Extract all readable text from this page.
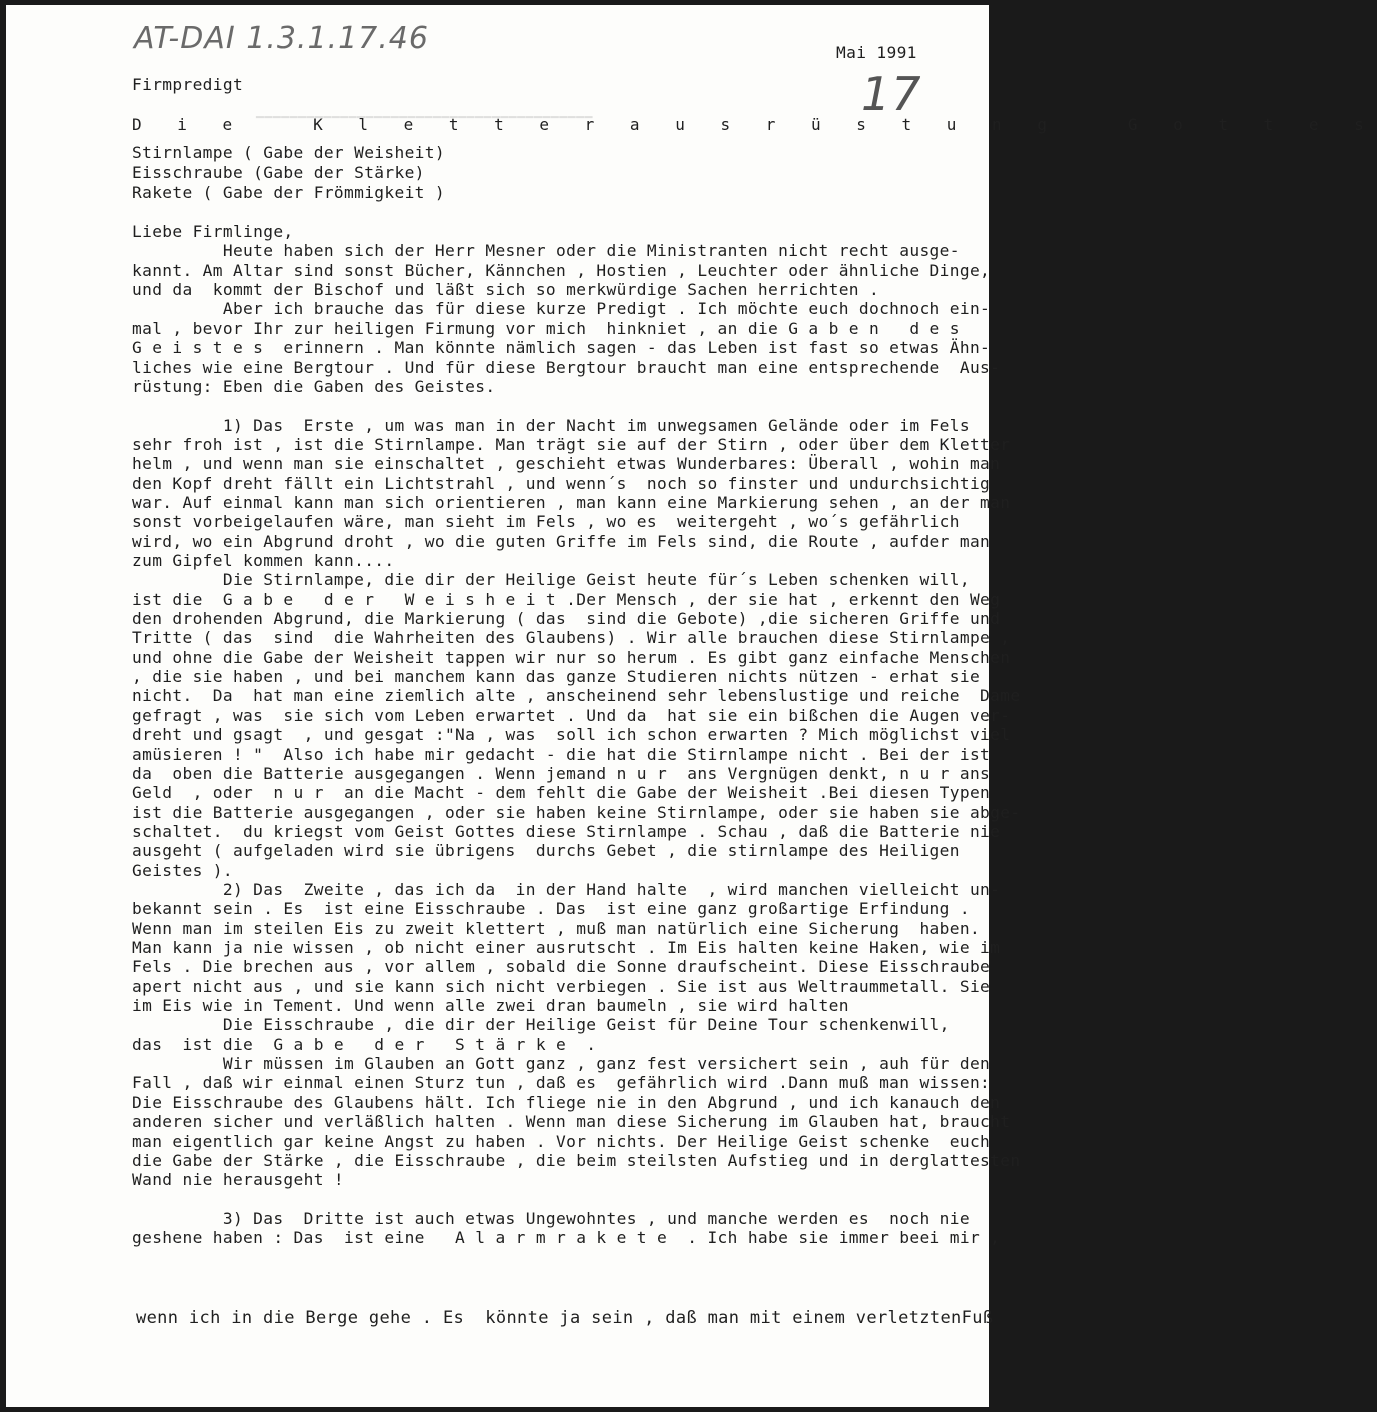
AT-DAI 1.3.1.17.46
17
Mai 1991
Firmpredigt
▁▁▁▁▁▁▁▁▁▁▁▁▁▁▁▁▁▁▁▁▁▁▁▁▁▁▁▁▁▁▁▁▁▁▁▁▁▁▁▁
D i e   K l e t t e r a u s r ü s t u n g   G o t t e s
Stirnlampe ( Gabe der Weisheit)
Eisschraube (Gabe der Stärke)
Rakete ( Gabe der Frömmigkeit )
Liebe Firmlinge,
Heute haben sich der Herr Mesner oder die Ministranten nicht recht ausge-
kannt. Am Altar sind sonst Bücher, Kännchen , Hostien , Leuchter oder ähnliche Dinge,
und da  kommt der Bischof und läßt sich so merkwürdige Sachen herrichten .
Aber ich brauche das für diese kurze Predigt . Ich möchte euch dochnoch ein-
mal , bevor Ihr zur heiligen Firmung vor mich  hinkniet , an die G a b e n   d e s
G e i s t e s  erinnern . Man könnte nämlich sagen - das Leben ist fast so etwas Ähn-
liches wie eine Bergtour . Und für diese Bergtour braucht man eine entsprechende  Aus-
rüstung: Eben die Gaben des Geistes.
1) Das  Erste , um was man in der Nacht im unwegsamen Gelände oder im Fels
sehr froh ist , ist die Stirnlampe. Man trägt sie auf der Stirn , oder über dem Kletter
helm , und wenn man sie einschaltet , geschieht etwas Wunderbares: Überall , wohin man
den Kopf dreht fällt ein Lichtstrahl , und wenn´s  noch so finster und undurchsichtig
war. Auf einmal kann man sich orientieren , man kann eine Markierung sehen , an der man
sonst vorbeigelaufen wäre, man sieht im Fels , wo es  weitergeht , wo´s gefährlich
wird, wo ein Abgrund droht , wo die guten Griffe im Fels sind, die Route , aufder man
zum Gipfel kommen kann....
Die Stirnlampe, die dir der Heilige Geist heute für´s Leben schenken will,
ist die  G a b e   d e r   W e i s h e i t .Der Mensch , der sie hat , erkennt den Weg
den drohenden Abgrund, die Markierung ( das  sind die Gebote) ,die sicheren Griffe und
Tritte ( das  sind  die Wahrheiten des Glaubens) . Wir alle brauchen diese Stirnlampe ,
und ohne die Gabe der Weisheit tappen wir nur so herum . Es gibt ganz einfache Menschen
, die sie haben , und bei manchem kann das ganze Studieren nichts nützen - erhat sie
nicht.  Da  hat man eine ziemlich alte , anscheinend sehr lebenslustige und reiche  Dame
gefragt , was  sie sich vom Leben erwartet . Und da  hat sie ein bißchen die Augen ver-
dreht und gsagt  , und gesgat :"Na , was  soll ich schon erwarten ? Mich möglichst viel
amüsieren ! "  Also ich habe mir gedacht - die hat die Stirnlampe nicht . Bei der ist
da  oben die Batterie ausgegangen . Wenn jemand n u r  ans Vergnügen denkt, n u r ans
Geld  , oder  n u r  an die Macht - dem fehlt die Gabe der Weisheit .Bei diesen Typen
ist die Batterie ausgegangen , oder sie haben keine Stirnlampe, oder sie haben sie abge-
schaltet.  du kriegst vom Geist Gottes diese Stirnlampe . Schau , daß die Batterie nie
ausgeht ( aufgeladen wird sie übrigens  durchs Gebet , die stirnlampe des Heiligen
Geistes ).
2) Das  Zweite , das ich da  in der Hand halte  , wird manchen vielleicht un-
bekannt sein . Es  ist eine Eisschraube . Das  ist eine ganz großartige Erfindung .
Wenn man im steilen Eis zu zweit klettert , muß man natürlich eine Sicherung  haben.
Man kann ja nie wissen , ob nicht einer ausrutscht . Im Eis halten keine Haken, wie im
Fels . Die brechen aus , vor allem , sobald die Sonne draufscheint. Diese Eisschraube
apert nicht aus , und sie kann sich nicht verbiegen . Sie ist aus Weltraummetall. Sie
im Eis wie in Tement. Und wenn alle zwei dran baumeln , sie wird halten
Die Eisschraube , die dir der Heilige Geist für Deine Tour schenkenwill,
das  ist die  G a b e   d e r   S t ä r k e  .
Wir müssen im Glauben an Gott ganz , ganz fest versichert sein , auh für den
Fall , daß wir einmal einen Sturz tun , daß es  gefährlich wird .Dann muß man wissen:
Die Eisschraube des Glaubens hält. Ich fliege nie in den Abgrund , und ich kanauch den
anderen sicher und verläßlich halten . Wenn man diese Sicherung im Glauben hat, braucht
man eigentlich gar keine Angst zu haben . Vor nichts. Der Heilige Geist schenke  euch
die Gabe der Stärke , die Eisschraube , die beim steilsten Aufstieg und in derglattesten
Wand nie herausgeht !
3) Das  Dritte ist auch etwas Ungewohntes , und manche werden es  noch nie
geshene haben : Das  ist eine   A l a r m r a k e t e  . Ich habe sie immer beei mir ,
wenn ich in die Berge gehe . Es  könnte ja sein , daß man mit einem verletztenFuß
